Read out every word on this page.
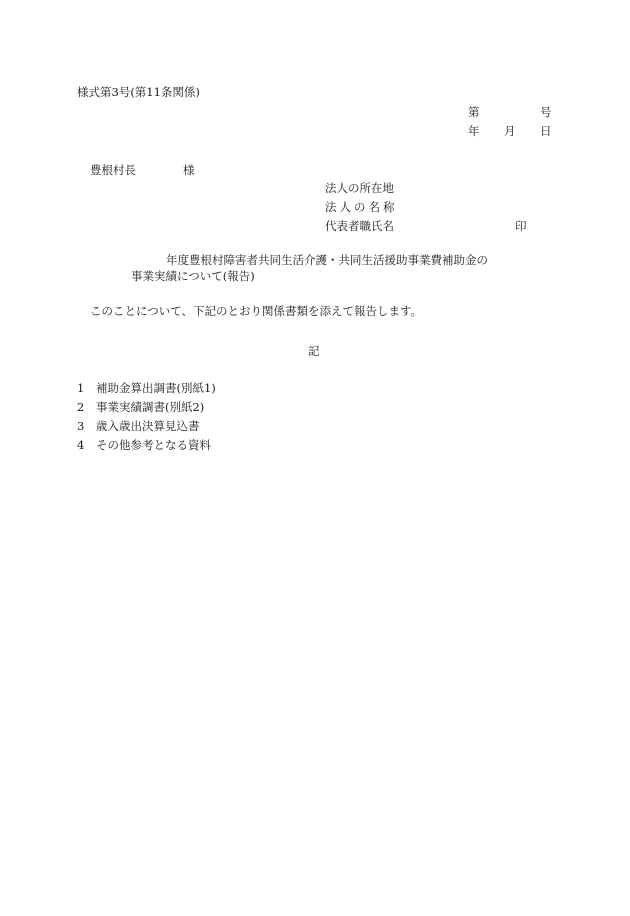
様式第3号(第11条関係)
第	号
年 月 日
豊根村長	様
法人の所在地
法人の名称
代表者職氏名	印
年度豊根村障害者共同生活介護・共同生活援助事業費補助金の
事業実績について(報告)
このことについて、下記のとおり関係書類を添えて報告します。
記
1 補助金算出調書(別紙1)
2 事業実績調書(別紙2)
3 歳入歳出決算見込書
4 その他参考となる資料
